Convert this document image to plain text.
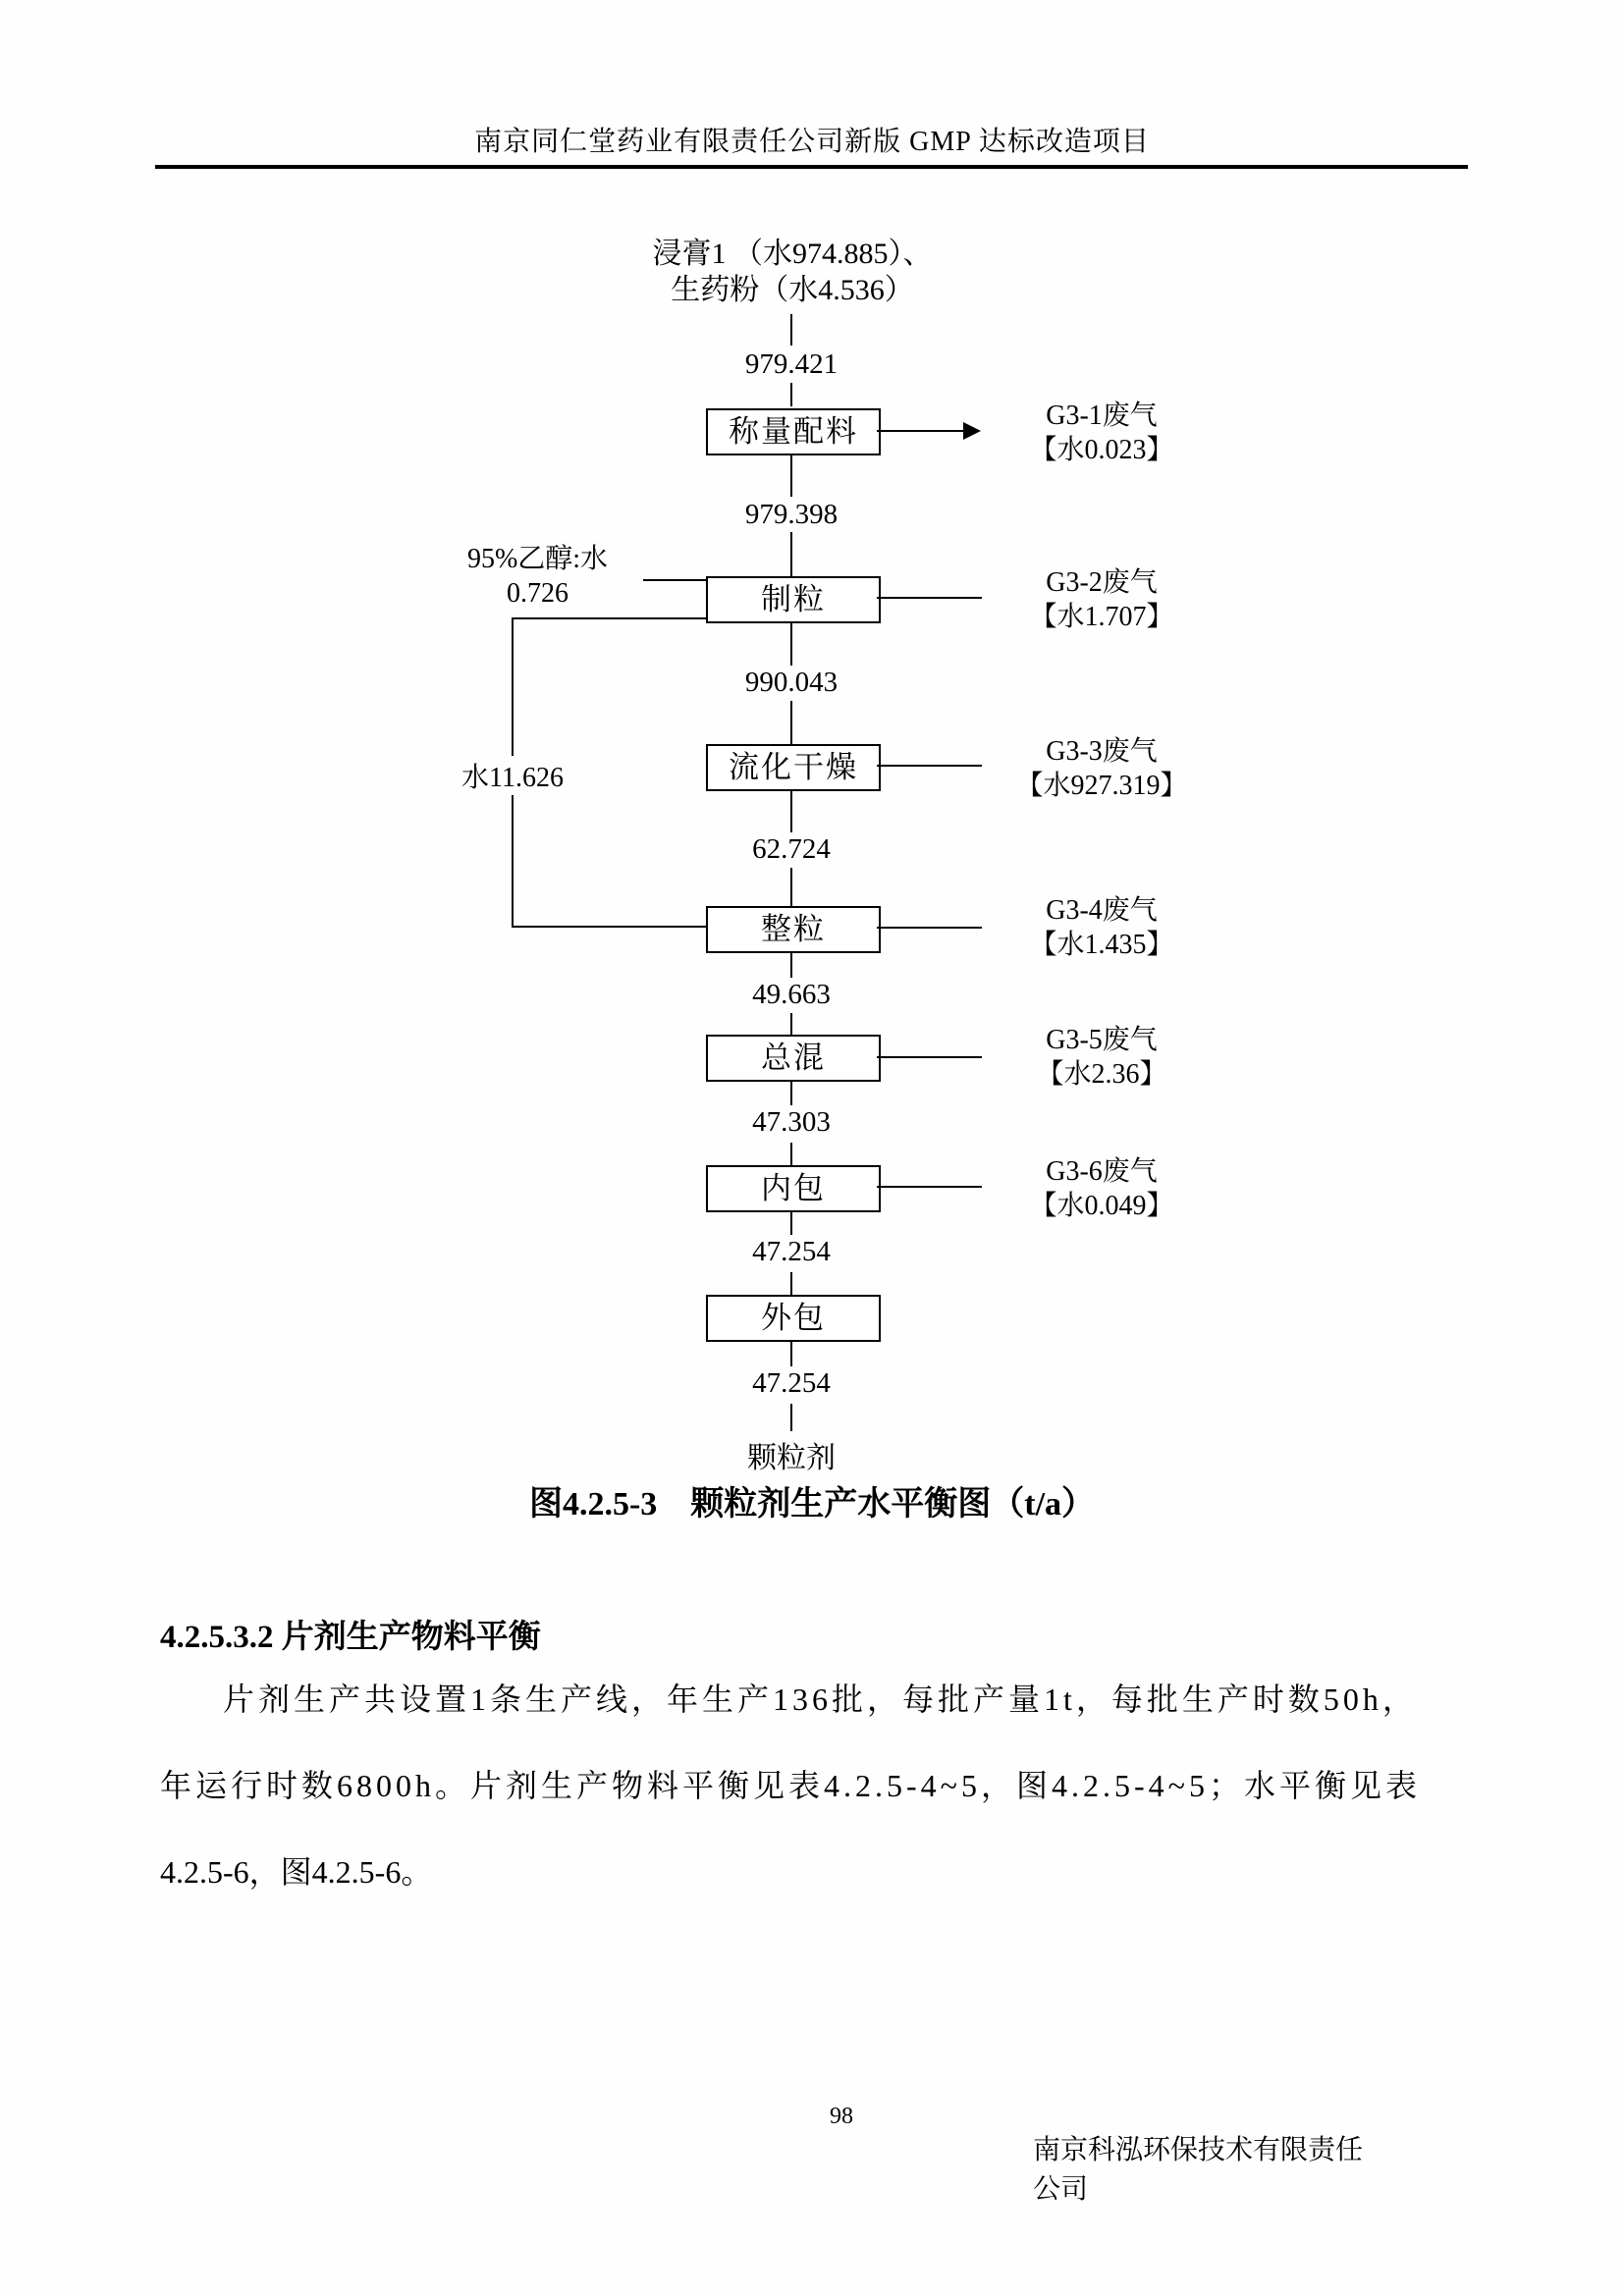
南京同仁堂药业有限责任公司新版 GMP 达标改造项目
浸膏1 （水974.885）、
生药粉（水4.536）
979.421
979.398
990.043
62.724
49.663
47.303
47.254
47.254
称量配料
制粒
流化干燥
整粒
总混
内包
外包
G3-1废气
【水0.023】
G3-2废气
【水1.707】
G3-3废气
【水927.319】
G3-4废气
【水1.435】
G3-5废气
【水2.36】
G3-6废气
【水0.049】
95%乙醇:水
0.726
水11.626
颗粒剂
图4.2.5-3　颗粒剂生产水平衡图（t/a）
4.2.5.3.2 片剂生产物料平衡
片剂生产共设置1条生产线，年生产136批，每批产量1t，每批生产时数50h，
年运行时数6800h。片剂生产物料平衡见表4.2.5-4~5，图4.2.5-4~5；水平衡见表
4.2.5-6，图4.2.5-6。
98
南京科泓环保技术有限责任公司
